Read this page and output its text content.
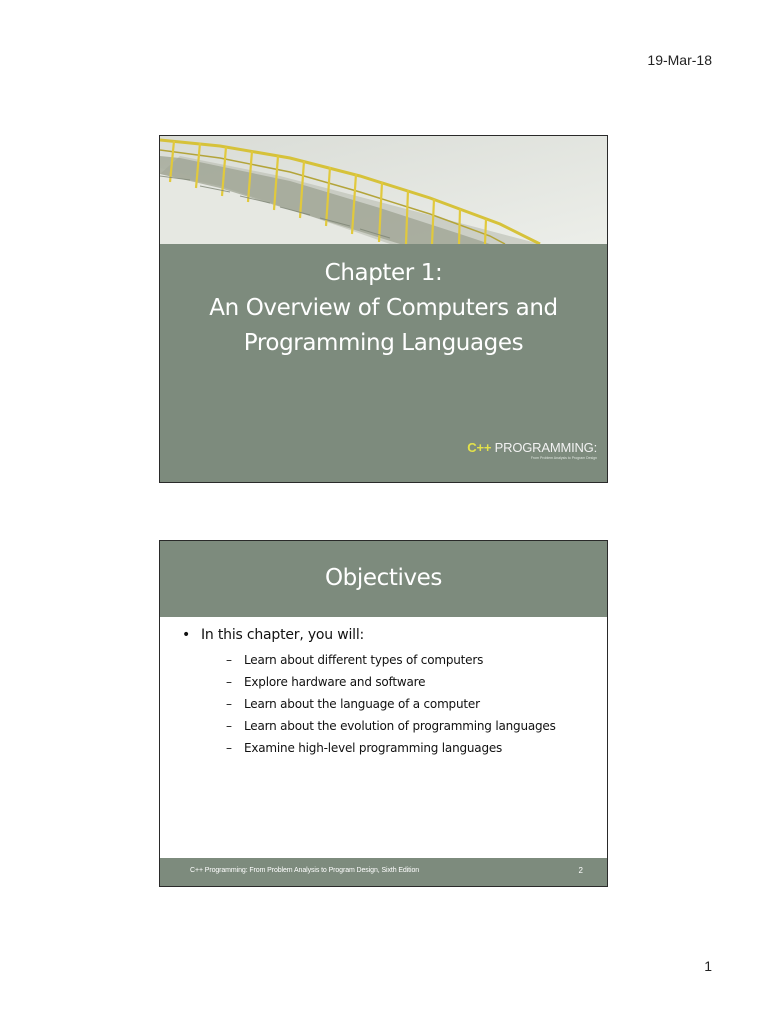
19-Mar-18
Chapter 1:
An Overview of Computers and
Programming Languages
C++ PROGRAMMING:
From Problem Analysis to Program Design
Objectives
• In this chapter, you will:
–	Learn about different types of computers
–	Explore hardware and software
–	Learn about the language of a computer
–	Learn about the evolution of programming languages
–	Examine high-level programming languages
C++ Programming: From Problem Analysis to Program Design, Sixth Edition	2
1
